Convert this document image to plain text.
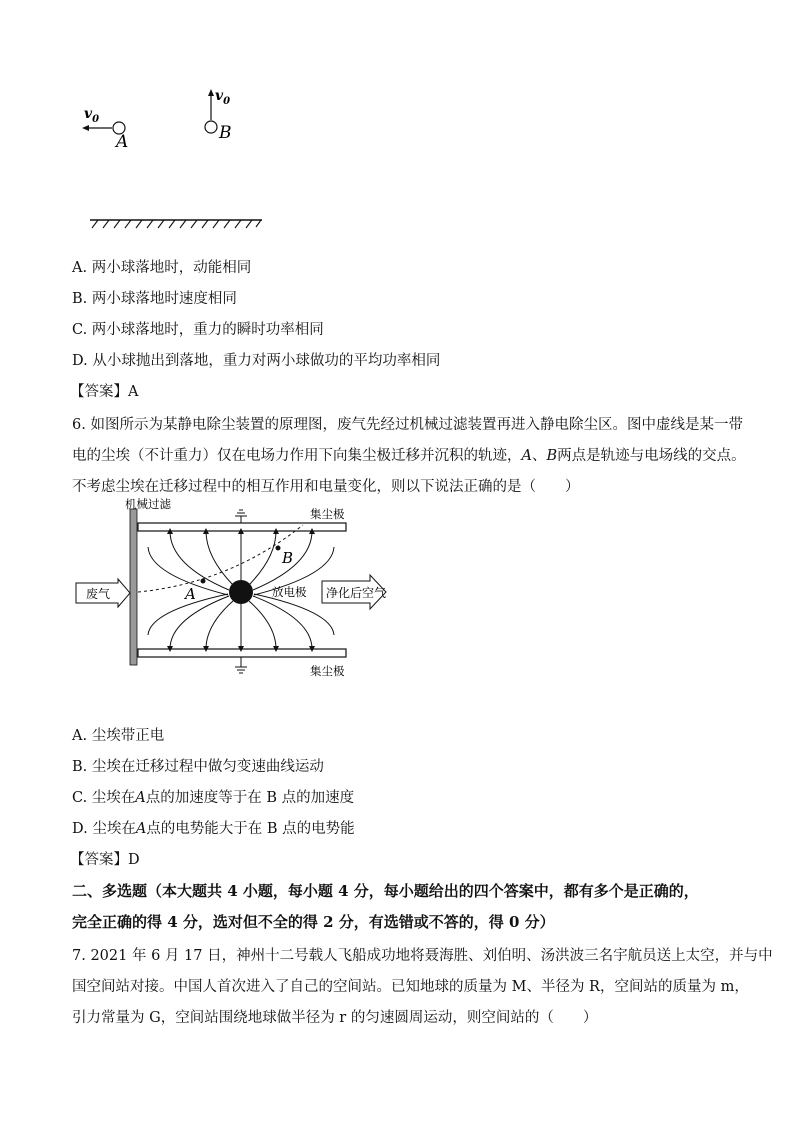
$v_0$
A
$v_0$
B
A. 两小球落地时，动能相同
B. 两小球落地时速度相同
C. 两小球落地时，重力的瞬时功率相同
D. 从小球抛出到落地，重力对两小球做功的平均功率相同
【答案】A
6. 如图所示为某静电除尘装置的原理图，废气先经过机械过滤装置再进入静电除尘区。图中虚线是某一带
电的尘埃（不计重力）仅在电场力作用下向集尘极迁移并沉积的轨迹，A、B两点是轨迹与电场线的交点。
不考虑尘埃在迁移过程中的相互作用和电量变化，则以下说法正确的是（　　）
机械过滤
集尘极
集尘极
放电极
A
B
废气	净化后空气
A. 尘埃带正电
B. 尘埃在迁移过程中做匀变速曲线运动
C. 尘埃在A点的加速度等于在 B 点的加速度
D. 尘埃在A点的电势能大于在 B 点的电势能
【答案】D
二、多选题（本大题共 4 小题，每小题 4 分，每小题给出的四个答案中，都有多个是正确的，
完全正确的得 4 分，选对但不全的得 2 分，有选错或不答的，得 0 分）
7. 2021 年 6 月 17 日，神州十二号载人飞船成功地将聂海胜、刘伯明、汤洪波三名宇航员送上太空，并与中
国空间站对接。中国人首次进入了自己的空间站。已知地球的质量为 M、半径为 R，空间站的质量为 m，
引力常量为 G，空间站围绕地球做半径为 r 的匀速圆周运动，则空间站的（　　）
